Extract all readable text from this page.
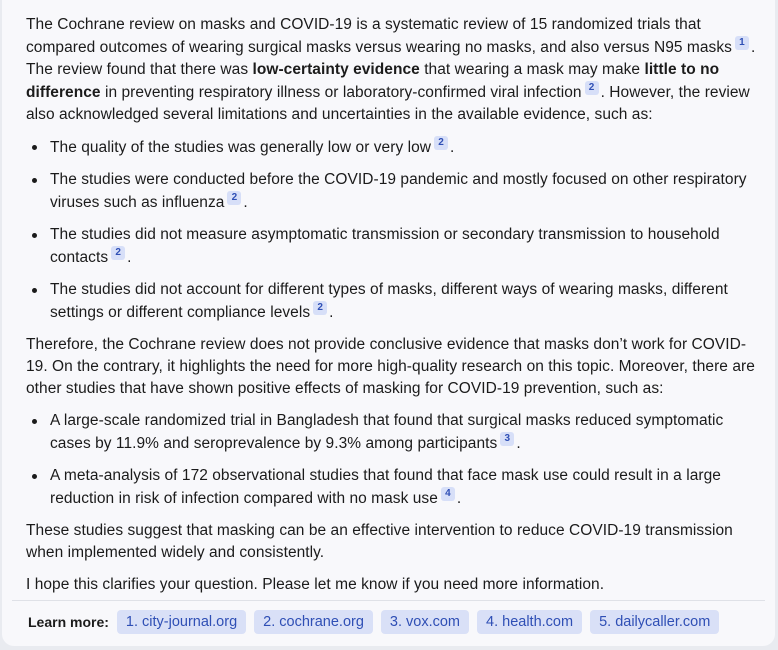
The Cochrane review on masks and COVID-19 is a systematic review of 15 randomized trials that compared outcomes of wearing surgical masks versus wearing no masks, and also versus N95 masks 1 . The review found that there was low-certainty evidence that wearing a mask may make little to no difference in preventing respiratory illness or laboratory-confirmed viral infection 2 . However, the review also acknowledged several limitations and uncertainties in the available evidence, such as:

The quality of the studies was generally low or very low 2 .
The studies were conducted before the COVID-19 pandemic and mostly focused on other respiratory viruses such as influenza 2 .
The studies did not measure asymptomatic transmission or secondary transmission to household contacts 2 .
The studies did not account for different types of masks, different ways of wearing masks, different settings or different compliance levels 2 .

Therefore, the Cochrane review does not provide conclusive evidence that masks don’t work for COVID-19. On the contrary, it highlights the need for more high-quality research on this topic. Moreover, there are other studies that have shown positive effects of masking for COVID-19 prevention, such as:

A large-scale randomized trial in Bangladesh that found that surgical masks reduced symptomatic cases by 11.9% and seroprevalence by 9.3% among participants 3 .
A meta-analysis of 172 observational studies that found that face mask use could result in a large reduction in risk of infection compared with no mask use 4 .

These studies suggest that masking can be an effective intervention to reduce COVID-19 transmission when implemented widely and consistently.

I hope this clarifies your question. Please let me know if you need more information.

Learn more:	1. city-journal.org	2. cochrane.org	3. vox.com	4. health.com	5. dailycaller.com
